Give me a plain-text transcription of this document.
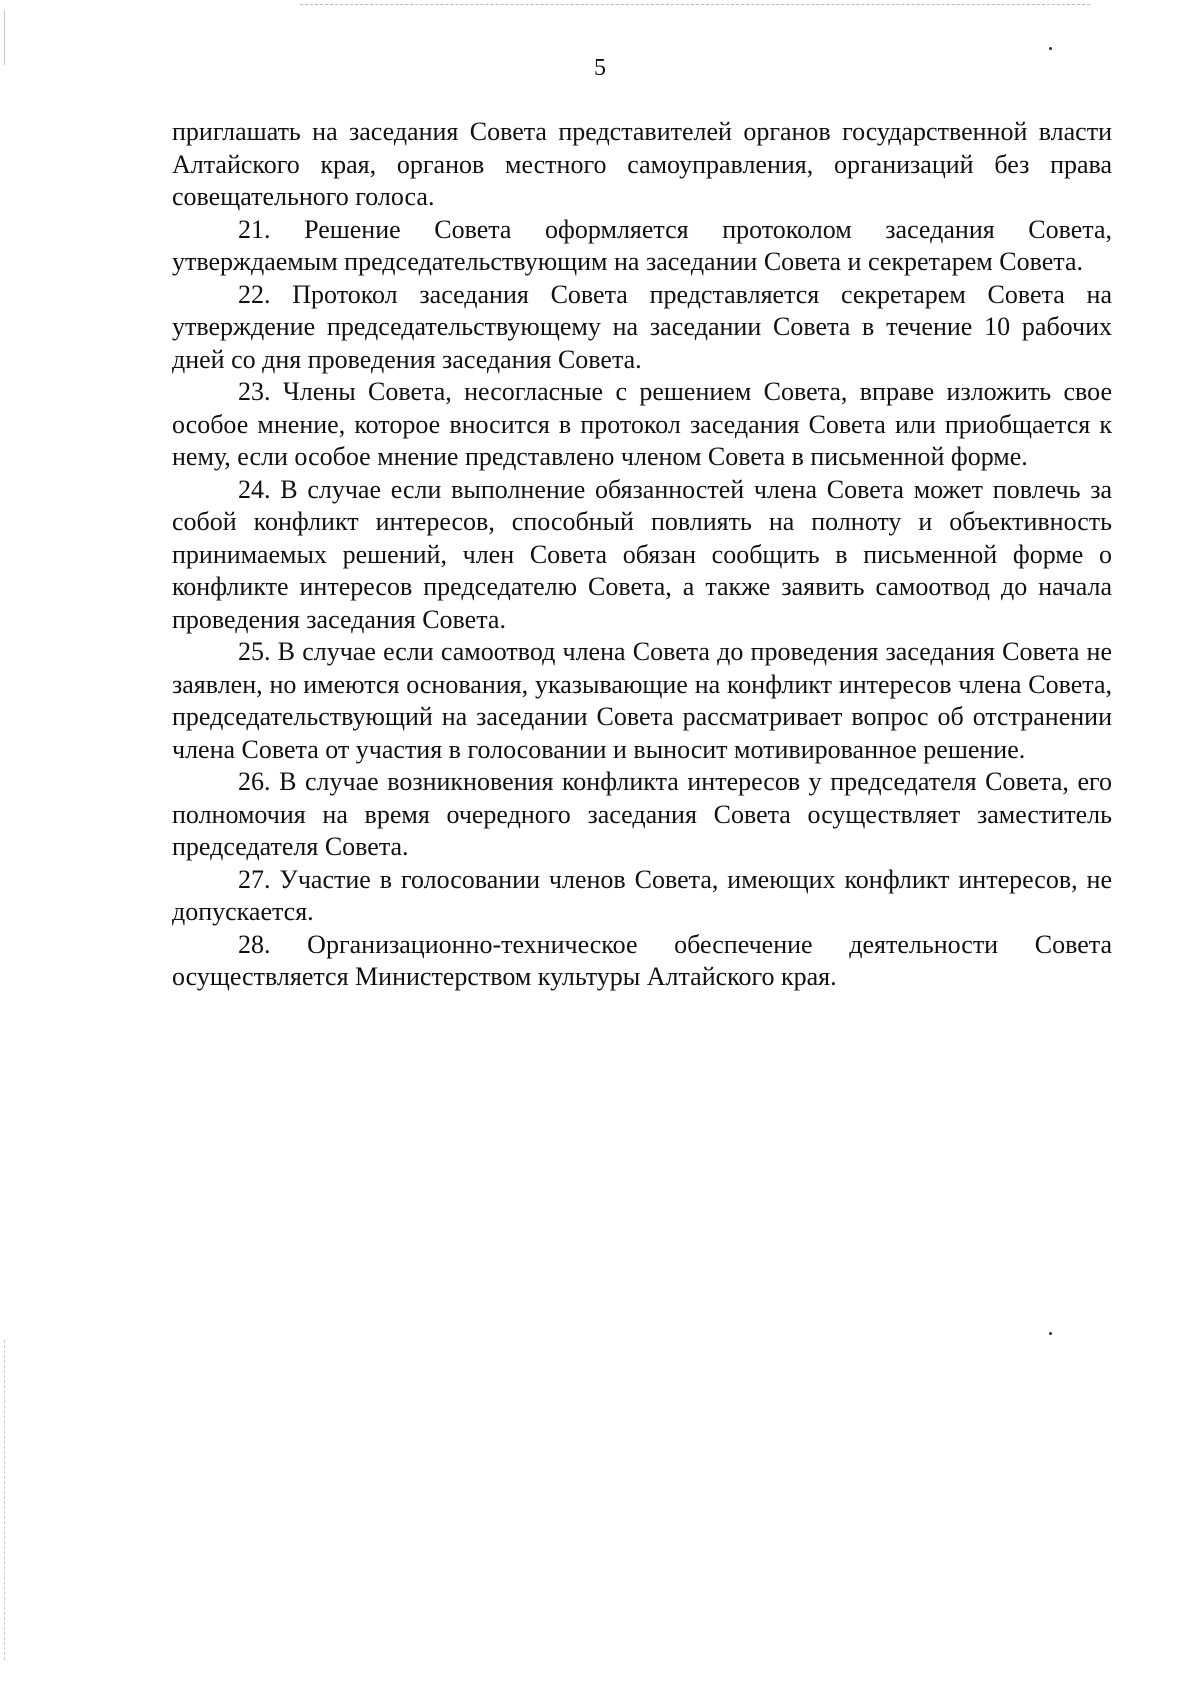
5

приглашать на заседания Совета представителей органов государственной власти Алтайского края, органов местного самоуправления, организаций без права совещательного голоса.

21. Решение Совета оформляется протоколом заседания Совета, утверждаемым председательствующим на заседании Совета и секретарем Совета.

22. Протокол заседания Совета представляется секретарем Совета на утверждение председательствующему на заседании Совета в течение 10 рабочих дней со дня проведения заседания Совета.

23. Члены Совета, несогласные с решением Совета, вправе изложить свое особое мнение, которое вносится в протокол заседания Совета или приобщается к нему, если особое мнение представлено членом Совета в письменной форме.

24. В случае если выполнение обязанностей члена Совета может повлечь за собой конфликт интересов, способный повлиять на полноту и объективность принимаемых решений, член Совета обязан сообщить в письменной форме о конфликте интересов председателю Совета, а также заявить самоотвод до начала проведения заседания Совета.

25. В случае если самоотвод члена Совета до проведения заседания Совета не заявлен, но имеются основания, указывающие на конфликт интересов члена Совета, председательствующий на заседании Совета рассматривает вопрос об отстранении члена Совета от участия в голосовании и выносит мотивированное решение.

26. В случае возникновения конфликта интересов у председателя Совета, его полномочия на время очередного заседания Совета осуществляет заместитель председателя Совета.

27. Участие в голосовании членов Совета, имеющих конфликт интересов, не допускается.

28. Организационно-техническое обеспечение деятельности Совета осуществляется Министерством культуры Алтайского края.
